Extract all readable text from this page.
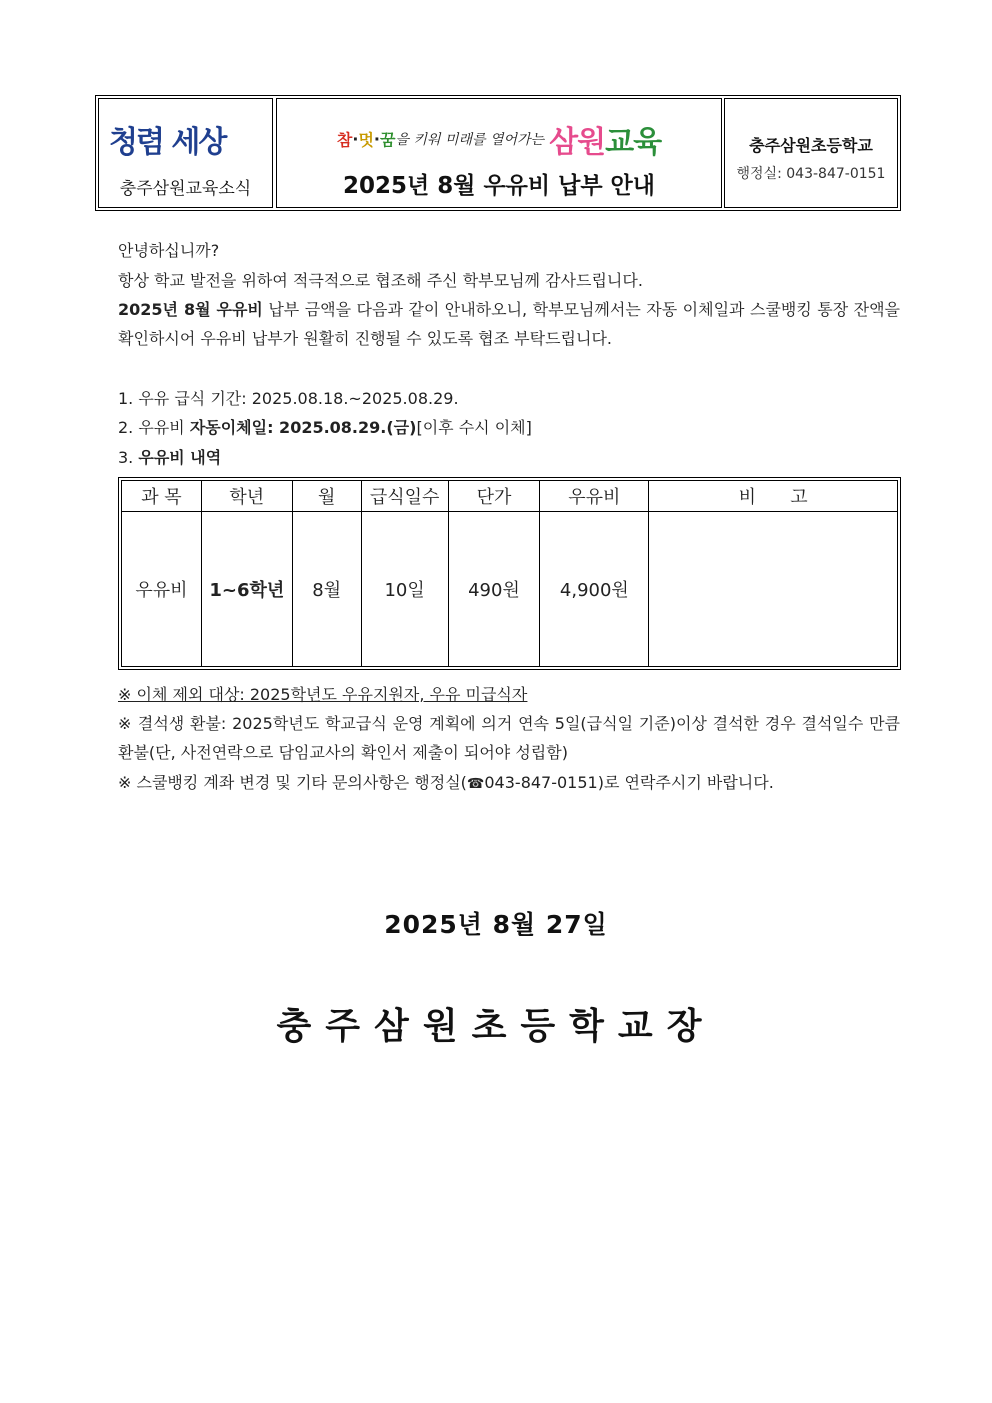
청렴 세상
충주삼원교육소식
참·멋·꿈을 키워 미래를 열어가는 삼원교육
2025년 8월 우유비 납부 안내
충주삼원초등학교
행정실: 043-847-0151
안녕하십니까?
항상 학교 발전을 위하여 적극적으로 협조해 주신 학부모님께 감사드립니다.
2025년 8월 우유비 납부 금액을 다음과 같이 안내하오니, 학부모님께서는 자동 이체일과 스쿨뱅킹 통장 잔액을 확인하시어 우유비 납부가 원활히 진행될 수 있도록 협조 부탁드립니다.
1. 우유 급식 기간: 2025.08.18.~2025.08.29.
2. 우유비 자동이체일: 2025.08.29.(금)[이후 수시 이체]
3. 우유비 내역
과 목	학년	월	급식일수	단가	우유비	비      고
우유비	1~6학년	8월	10일	490원	4,900원	
※ 이체 제외 대상: 2025학년도 우유지원자, 우유 미급식자
※ 결석생 환불: 2025학년도 학교급식 운영 계획에 의거 연속 5일(급식일 기준)이상 결석한 경우 결석일수 만큼 환불(단, 사전연락으로 담임교사의 확인서 제출이 되어야 성립함)
※ 스쿨뱅킹 계좌 변경 및 기타 문의사항은 행정실(☎043-847-0151)로 연락주시기 바랍니다.
2025년 8월 27일
충주삼원초등학교장
